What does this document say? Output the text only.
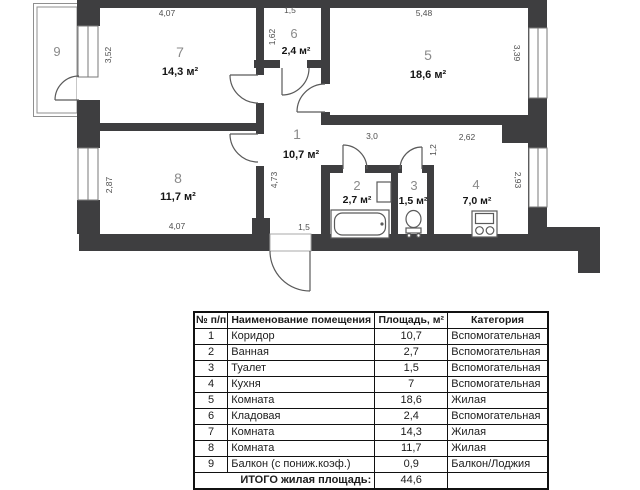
7
14,3 м²
6
2,4 м²	5
18,6 м²
1
10,7 м²
8
11,7 м²
2
2,7 м²
3
1,5 м²
4
7,0 м²
9
4,07
3,52
1,5
1,62
5,48
3,39
3,0	2,62
1,2
2,93
2,87
4,07
4,73
1,5
№ п/п	Наименование помещения	Площадь, м²	Категория
1	Коридор	10,7	Вспомогательная
2	Ванная	2,7	Вспомогательная
3	Туалет	1,5	Вспомогательная
4	Кухня	7	Вспомогательная
5	Комната	18,6	Жилая
6	Кладовая	2,4	Вспомогательная
7	Комната	14,3	Жилая
8	Комната	11,7	Жилая
9	Балкон (с пониж.коэф.)	0,9	Балкон/Лоджия
ИТОГО жилая площадь:		44,6	
